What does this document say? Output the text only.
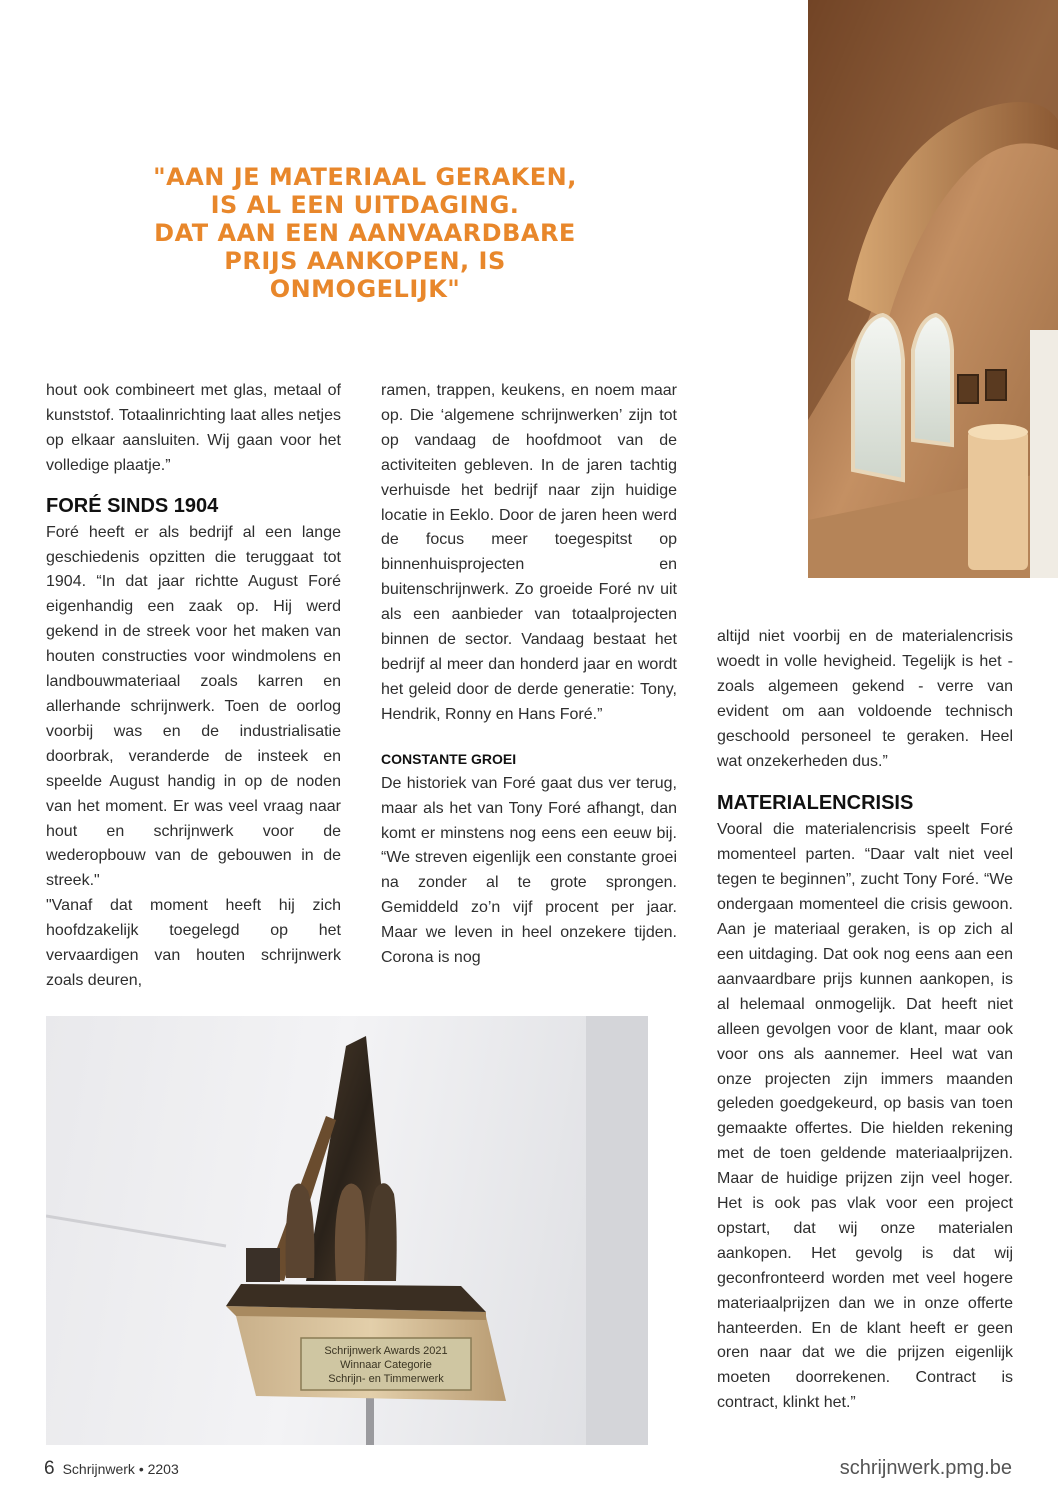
"AAN JE MATERIAAL GERAKEN,
IS AL EEN UITDAGING.
DAT AAN EEN AANVAARDBARE
PRIJS AANKOPEN, IS
ONMOGELIJK"

hout ook combineert met glas, metaal of kunststof. Totaalinrichting laat alles netjes op elkaar aansluiten. Wij gaan voor het volledige plaatje.”

FORÉ SINDS 1904

Foré heeft er als bedrijf al een lange geschiedenis opzitten die teruggaat tot 1904. “In dat jaar richtte August Foré eigenhandig een zaak op. Hij werd gekend in de streek voor het maken van houten constructies voor windmolens en landbouwmateriaal zoals karren en allerhande schrijnwerk. Toen de oorlog voorbij was en de industrialisatie doorbrak, veranderde de insteek en speelde August handig in op de noden van het moment. Er was veel vraag naar hout en schrijnwerk voor de wederopbouw van de gebouwen in de streek."

"Vanaf dat moment heeft hij zich hoofdzakelijk toegelegd op het vervaardigen van houten schrijnwerk zoals deuren,

ramen, trappen, keukens, en noem maar op. Die ‘algemene schrijnwerken’ zijn tot op vandaag de hoofdmoot van de activiteiten gebleven. In de jaren tachtig verhuisde het bedrijf naar zijn huidige locatie in Eeklo. Door de jaren heen werd de focus meer toegespitst op binnenhuisprojecten en buitenschrijnwerk. Zo groeide Foré nv uit als een aanbieder van totaalprojecten binnen de sector. Vandaag bestaat het bedrijf al meer dan honderd jaar en wordt het geleid door de derde generatie: Tony, Hendrik, Ronny en Hans Foré.”

CONSTANTE GROEI

De historiek van Foré gaat dus ver terug, maar als het van Tony Foré afhangt, dan komt er minstens nog eens een eeuw bij. “We streven eigenlijk een constante groei na zonder al te grote sprongen. Gemiddeld zo’n vijf procent per jaar. Maar we leven in heel onzekere tijden. Corona is nog

altijd niet voorbij en de materialencrisis woedt in volle hevigheid. Tegelijk is het - zoals algemeen gekend - verre van evident om aan voldoende technisch geschoold personeel te geraken. Heel wat onzekerheden dus.”

MATERIALENCRISIS

Vooral die materialencrisis speelt Foré momenteel parten. “Daar valt niet veel tegen te beginnen”, zucht Tony Foré. “We ondergaan momenteel die crisis gewoon. Aan je materiaal geraken, is op zich al een uitdaging. Dat ook nog eens aan een aanvaardbare prijs kunnen aankopen, is al helemaal onmogelijk. Dat heeft niet alleen gevolgen voor de klant, maar ook voor ons als aannemer. Heel wat van onze projecten zijn immers maanden geleden goedgekeurd, op basis van toen gemaakte offertes. Die hielden rekening met de toen geldende materiaalprijzen. Maar de huidige prijzen zijn veel hoger. Het is ook pas vlak voor een project opstart, dat wij onze materialen aankopen. Het gevolg is dat wij geconfronteerd worden met veel hogere materiaalprijzen dan we in onze offerte hanteerden. En de klant heeft er geen oren naar dat we die prijzen eigenlijk moeten doorrekenen. Contract is contract, klinkt het.”

Schrijnwerk Awards 2021
Winnaar Categorie
Schrijn- en Timmerwerk
6 Schrijnwerk • 2203	schrijnwerk.pmg.be
